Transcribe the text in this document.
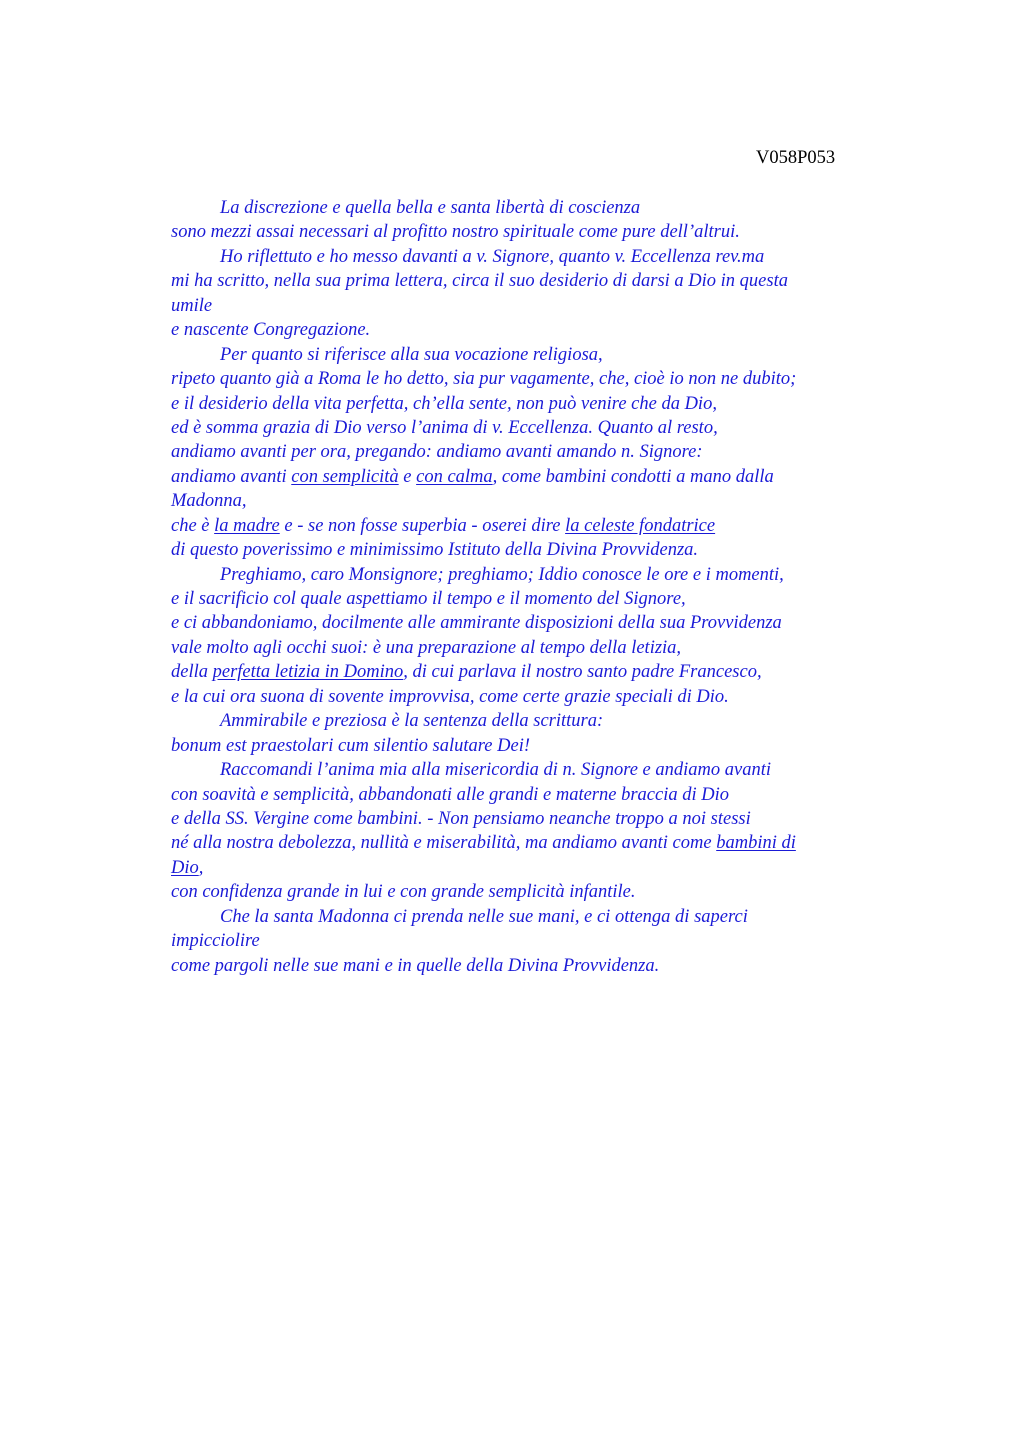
V058P053
La discrezione e quella bella e santa libertà di coscienza
sono mezzi assai necessari al profitto nostro spirituale come pure dell’altrui.
Ho riflettuto e ho messo davanti a v. Signore, quanto v. Eccellenza rev.ma
mi ha scritto, nella sua prima lettera, circa il suo desiderio di darsi a Dio in questa
umile
e nascente Congregazione.
Per quanto si riferisce alla sua vocazione religiosa,
ripeto quanto già a Roma le ho detto, sia pur vagamente, che, cioè io non ne dubito;
e il desiderio della vita perfetta, ch’ella sente, non può venire che da Dio,
ed è somma grazia di Dio verso l’anima di v. Eccellenza. Quanto al resto,
andiamo avanti per ora, pregando: andiamo avanti amando n. Signore:
andiamo avanti con semplicità e con calma, come bambini condotti a mano dalla
Madonna,
che è la madre e - se non fosse superbia - oserei dire la celeste fondatrice
di questo poverissimo e minimissimo Istituto della Divina Provvidenza.
Preghiamo, caro Monsignore; preghiamo; Iddio conosce le ore e i momenti,
e il sacrificio col quale aspettiamo il tempo e il momento del Signore,
e ci abbandoniamo, docilmente alle ammirante disposizioni della sua Provvidenza
vale molto agli occhi suoi: è una preparazione al tempo della letizia,
della perfetta letizia in Domino, di cui parlava il nostro santo padre Francesco,
e la cui ora suona di sovente improvvisa, come certe grazie speciali di Dio.
Ammirabile e preziosa è la sentenza della scrittura:
bonum est praestolari cum silentio salutare Dei!
Raccomandi l’anima mia alla misericordia di n. Signore e andiamo avanti
con soavità e semplicità, abbandonati alle grandi e materne braccia di Dio
e della SS. Vergine come bambini. - Non pensiamo neanche troppo a noi stessi
né alla nostra debolezza, nullità e miserabilità, ma andiamo avanti come bambini di
Dio,
con confidenza grande in lui e con grande semplicità infantile.
Che la santa Madonna ci prenda nelle sue mani, e ci ottenga di saperci
impicciolire
come pargoli nelle sue mani e in quelle della Divina Provvidenza.
